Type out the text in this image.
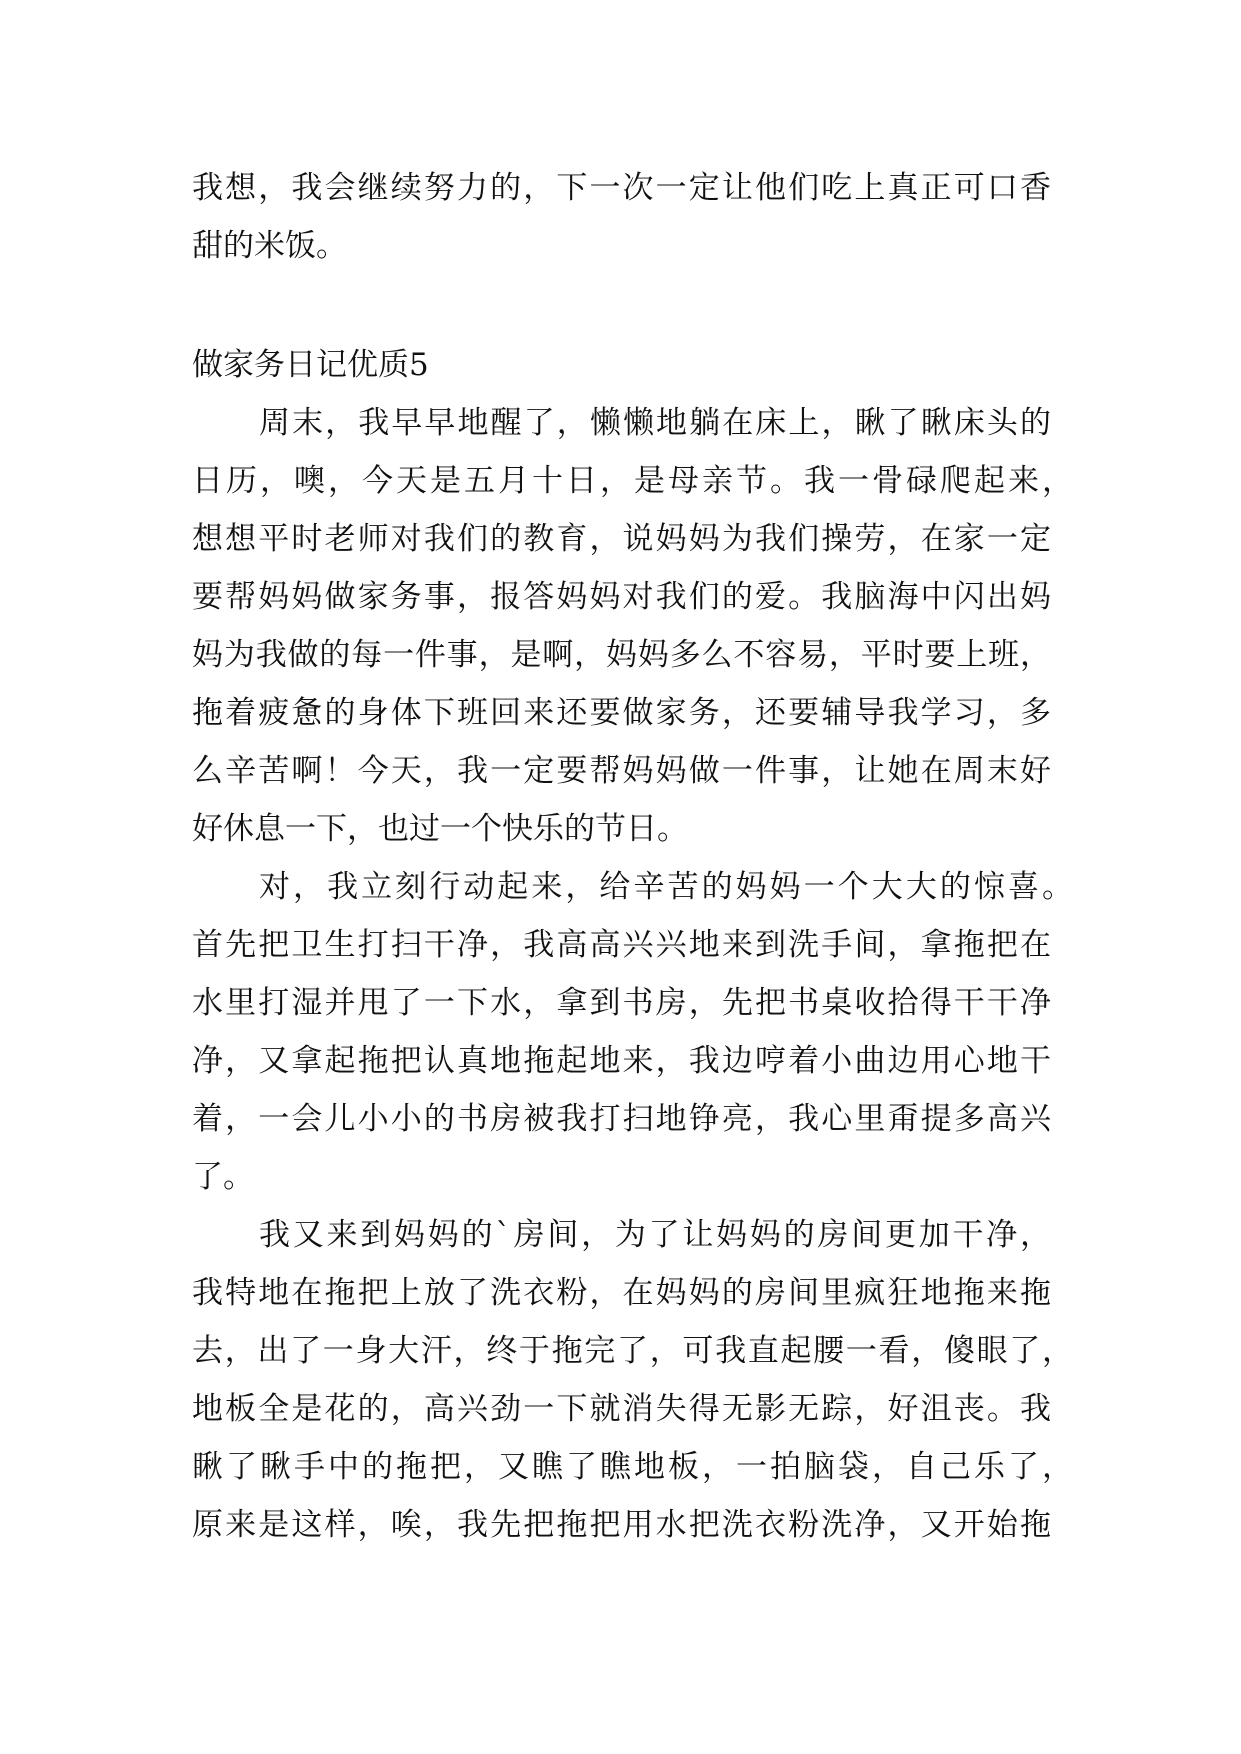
我想，我会继续努力的，下一次一定让他们吃上真正可口香
甜的米饭。
做家务日记优质5
周末，我早早地醒了，懒懒地躺在床上，瞅了瞅床头的
日历，噢，今天是五月十日，是母亲节。我一骨碌爬起来，
想想平时老师对我们的教育，说妈妈为我们操劳，在家一定
要帮妈妈做家务事，报答妈妈对我们的爱。我脑海中闪出妈
妈为我做的每一件事，是啊，妈妈多么不容易，平时要上班，
拖着疲惫的身体下班回来还要做家务，还要辅导我学习，多
么辛苦啊！今天，我一定要帮妈妈做一件事，让她在周末好
好休息一下，也过一个快乐的节日。
对，我立刻行动起来，给辛苦的妈妈一个大大的惊喜。
首先把卫生打扫干净，我高高兴兴地来到洗手间，拿拖把在
水里打湿并甩了一下水，拿到书房，先把书桌收拾得干干净
净，又拿起拖把认真地拖起地来，我边哼着小曲边用心地干
着，一会儿小小的书房被我打扫地铮亮，我心里甭提多高兴
了。
我又来到妈妈的`房间，为了让妈妈的房间更加干净，
我特地在拖把上放了洗衣粉，在妈妈的房间里疯狂地拖来拖
去，出了一身大汗，终于拖完了，可我直起腰一看，傻眼了，
地板全是花的，高兴劲一下就消失得无影无踪，好沮丧。我
瞅了瞅手中的拖把，又瞧了瞧地板，一拍脑袋，自己乐了，
原来是这样，唉，我先把拖把用水把洗衣粉洗净，又开始拖
